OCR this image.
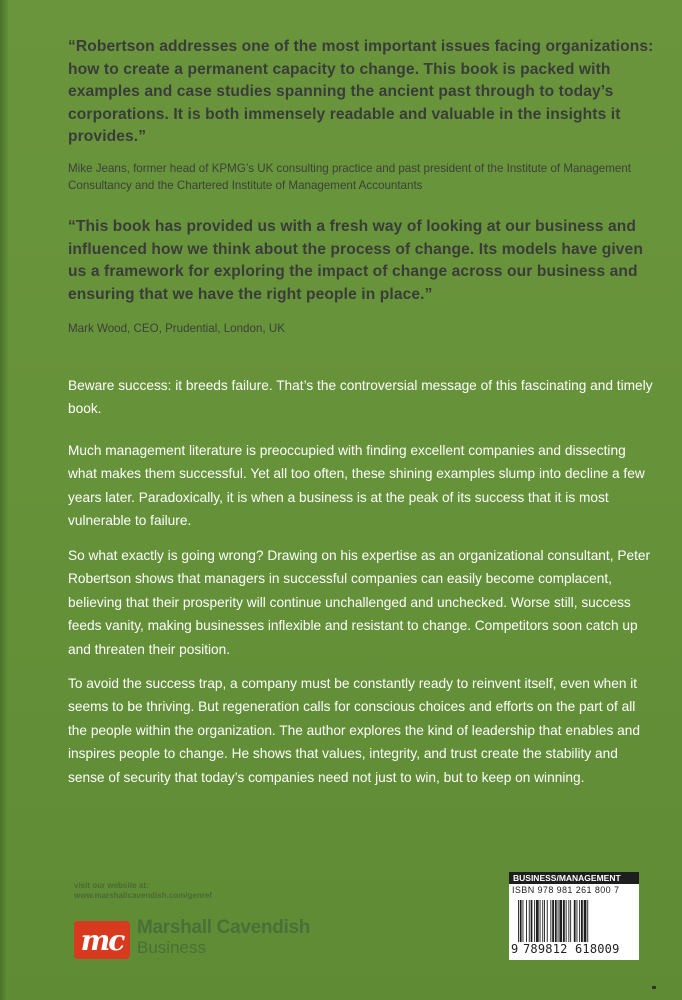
“Robertson addresses one of the most important issues facing organizations: how to create a permanent capacity to change. This book is packed with examples and case studies spanning the ancient past through to today’s corporations. It is both immensely readable and valuable in the insights it provides.”
Mike Jeans, former head of KPMG’s UK consulting practice and past president of the Institute of Management Consultancy and the Chartered Institute of Management Accountants
“This book has provided us with a fresh way of looking at our business and influenced how we think about the process of change. Its models have given us a framework for exploring the impact of change across our business and ensuring that we have the right people in place.”
Mark Wood, CEO, Prudential, London, UK

Beware success: it breeds failure. That’s the controversial message of this fascinating and timely book.

Much management literature is preoccupied with finding excellent companies and dissecting what makes them successful. Yet all too often, these shining examples slump into decline a few years later. Paradoxically, it is when a business is at the peak of its success that it is most vulnerable to failure.

So what exactly is going wrong? Drawing on his expertise as an organizational consultant, Peter Robertson shows that managers in successful companies can easily become complacent, believing that their prosperity will continue unchallenged and unchecked. Worse still, success feeds vanity, making businesses inflexible and resistant to change. Competitors soon catch up and threaten their position.

To avoid the success trap, a company must be constantly ready to reinvent itself, even when it seems to be thriving. But regeneration calls for conscious choices and efforts on the part of all the people within the organization. The author explores the kind of leadership that enables and inspires people to change. He shows that values, integrity, and trust create the stability and sense of security that today’s companies need not just to win, but to keep on winning.

visit our website at:
www.marshallcavendish.com/genref
mc Marshall Cavendish
Business
BUSINESS/MANAGEMENT
ISBN 978 981 261 800 7
9 789812 618009
